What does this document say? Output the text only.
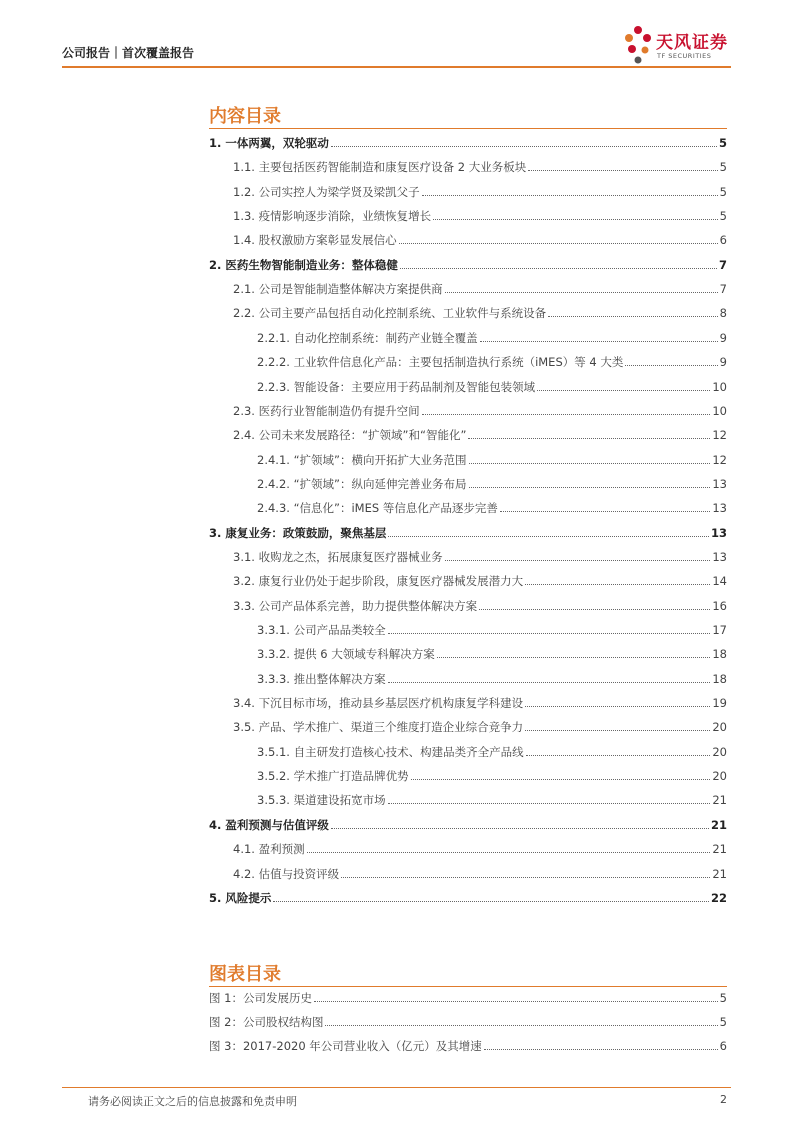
公司报告｜首次覆盖报告	天风证券
TF SECURITIES
内容目录
1. 一体两翼，双轮驱动	5
1.1. 主要包括医药智能制造和康复医疗设备 2 大业务板块	5
1.2. 公司实控人为梁学贤及梁凯父子	5
1.3. 疫情影响逐步消除，业绩恢复增长	5
1.4. 股权激励方案彰显发展信心	6
2. 医药生物智能制造业务：整体稳健	7
2.1. 公司是智能制造整体解决方案提供商	7
2.2. 公司主要产品包括自动化控制系统、工业软件与系统设备	8
2.2.1. 自动化控制系统：制药产业链全覆盖	9
2.2.2. 工业软件信息化产品：主要包括制造执行系统（iMES）等 4 大类	9
2.2.3. 智能设备：主要应用于药品制剂及智能包装领域	10
2.3. 医药行业智能制造仍有提升空间	10
2.4. 公司未来发展路径：“扩领域”和“智能化”	12
2.4.1. “扩领域”：横向开拓扩大业务范围	12
2.4.2. “扩领域”：纵向延伸完善业务布局	13
2.4.3. “信息化”：iMES 等信息化产品逐步完善	13
3. 康复业务：政策鼓励，聚焦基层	13
3.1. 收购龙之杰，拓展康复医疗器械业务	13
3.2. 康复行业仍处于起步阶段，康复医疗器械发展潜力大	14
3.3. 公司产品体系完善，助力提供整体解决方案	16
3.3.1. 公司产品品类较全	17
3.3.2. 提供 6 大领域专科解决方案	18
3.3.3. 推出整体解决方案	18
3.4. 下沉目标市场，推动县乡基层医疗机构康复学科建设	19
3.5. 产品、学术推广、渠道三个维度打造企业综合竞争力	20
3.5.1. 自主研发打造核心技术、构建品类齐全产品线	20
3.5.2. 学术推广打造品牌优势	20
3.5.3. 渠道建设拓宽市场	21
4. 盈利预测与估值评级	21
4.1. 盈利预测	21
4.2. 估值与投资评级	21
5. 风险提示	22
图表目录
图 1：公司发展历史	5
图 2：公司股权结构图	5
图 3：2017-2020 年公司营业收入（亿元）及其增速	6
请务必阅读正文之后的信息披露和免责申明	2
